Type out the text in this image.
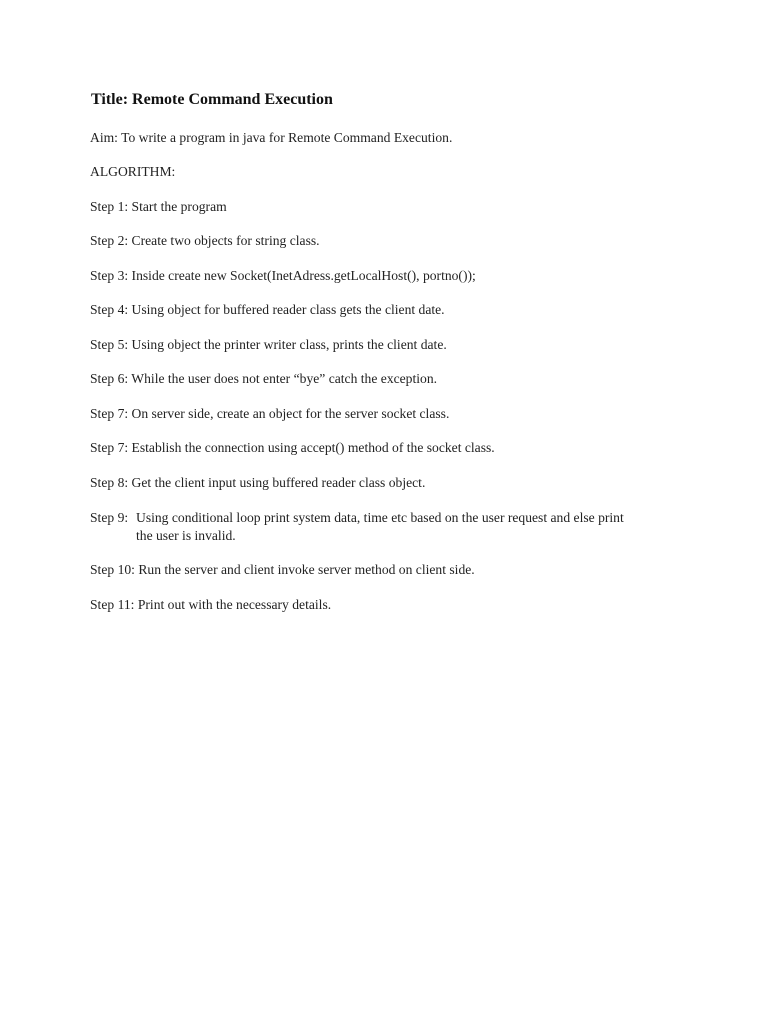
Title: Remote Command Execution
Aim: To write a program in java for Remote Command Execution.
ALGORITHM:
Step 1: Start the program
Step 2: Create two objects for string class.
Step 3: Inside create new Socket(InetAdress.getLocalHost(), portno());
Step 4: Using object for buffered reader class gets the client date.
Step 5: Using object the printer writer class, prints the client date.
Step 6: While the user does not enter “bye” catch the exception.
Step 7: On server side, create an object for the server socket class.
Step 7: Establish the connection using accept() method of the socket class.
Step 8: Get the client input using buffered reader class object.
Step 9: Using conditional loop print system data, time etc based on the user request and else print the user is invalid.
Step 10: Run the server and client invoke server method on client side.
Step 11: Print out with the necessary details.
